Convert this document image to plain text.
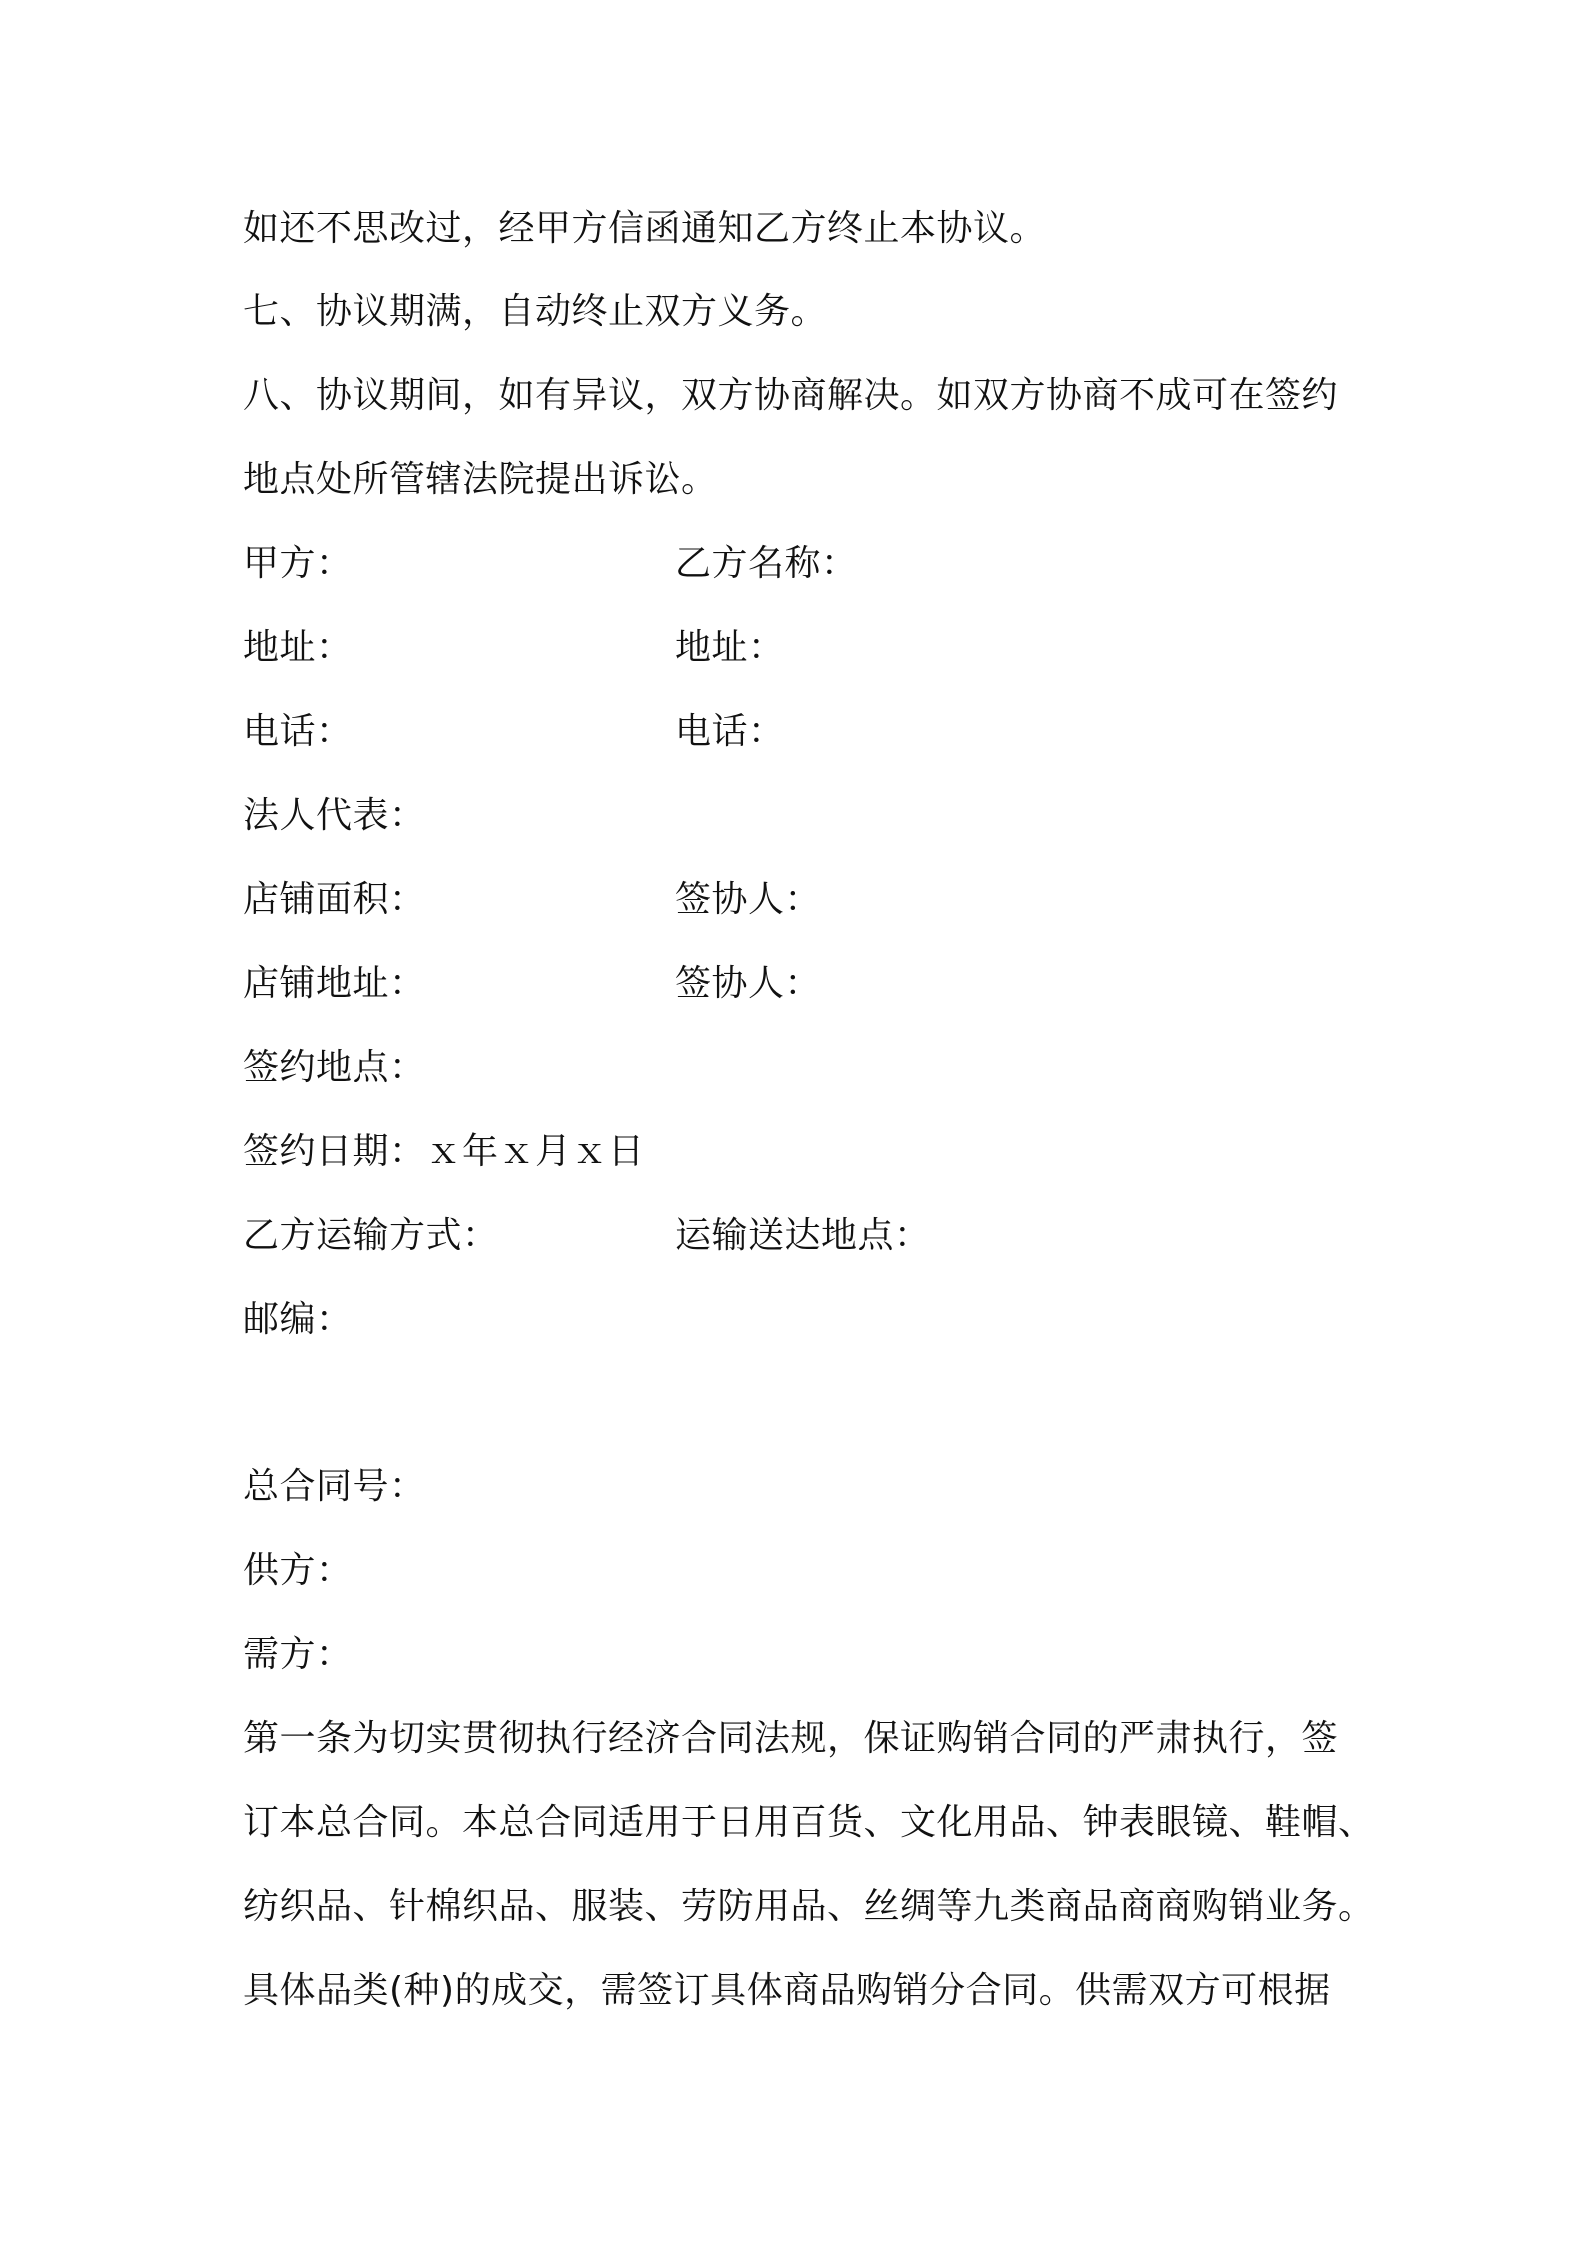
如还不思改过，经甲方信函通知乙方终止本协议。
七、协议期满，自动终止双方义务。
八、协议期间，如有异议，双方协商解决。如双方协商不成可在签约
地点处所管辖法院提出诉讼。
甲方：	乙方名称：
地址：	地址：
电话：	电话：
法人代表：
店铺面积：	签协人：
店铺地址：	签协人：
签约地点：
签约日期：ｘ年ｘ月ｘ日
乙方运输方式：	运输送达地点：
邮编：
总合同号：
供方：
需方：
第一条为切实贯彻执行经济合同法规，保证购销合同的严肃执行，签
订本总合同。本总合同适用于日用百货、文化用品、钟表眼镜、鞋帽、
纺织品、针棉织品、服装、劳防用品、丝绸等九类商品商商购销业务。
具体品类(种)的成交，需签订具体商品购销分合同。供需双方可根据
